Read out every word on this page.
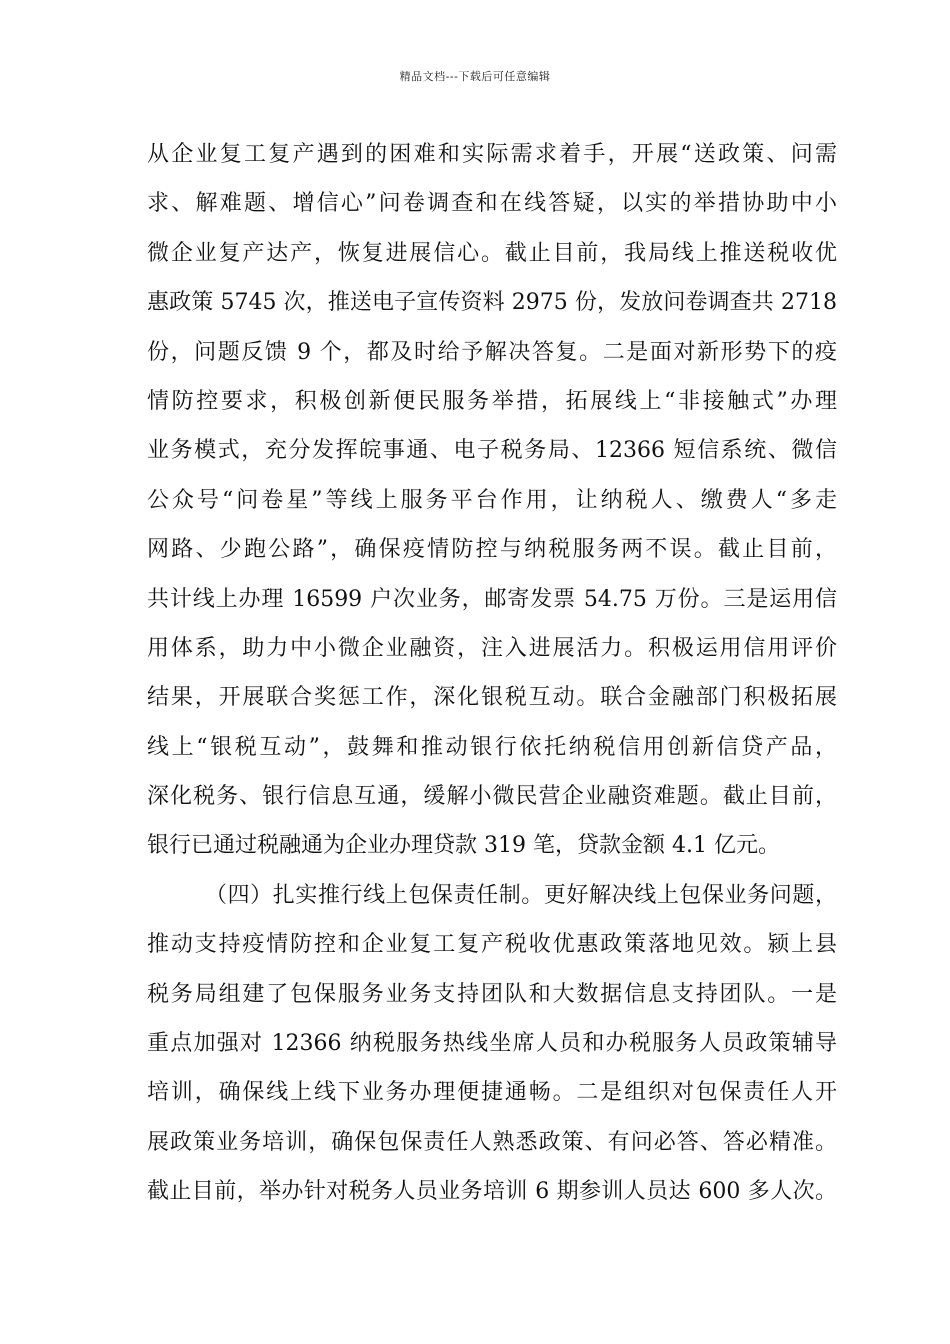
精品文档---下载后可任意编辑
从企业复工复产遇到的困难和实际需求着手，开展“送政策、问需
求、解难题、增信心”问卷调查和在线答疑，以实的举措协助中小
微企业复产达产，恢复进展信心。截止目前，我局线上推送税收优
惠政策 5745 次，推送电子宣传资料 2975 份，发放问卷调查共 2718
份，问题反馈 9 个，都及时给予解决答复。二是面对新形势下的疫
情防控要求，积极创新便民服务举措，拓展线上“非接触式”办理
业务模式，充分发挥皖事通、电子税务局、12366 短信系统、微信
公众号“问卷星”等线上服务平台作用，让纳税人、缴费人“多走
网路、少跑公路”，确保疫情防控与纳税服务两不误。截止目前，
共计线上办理 16599 户次业务，邮寄发票 54.75 万份。三是运用信
用体系，助力中小微企业融资，注入进展活力。积极运用信用评价
结果，开展联合奖惩工作，深化银税互动。联合金融部门积极拓展
线上“银税互动”，鼓舞和推动银行依托纳税信用创新信贷产品，
深化税务、银行信息互通，缓解小微民营企业融资难题。截止目前，
银行已通过税融通为企业办理贷款 319 笔，贷款金额 4.1 亿元。
（四）扎实推行线上包保责任制。更好解决线上包保业务问题，
推动支持疫情防控和企业复工复产税收优惠政策落地见效。颍上县
税务局组建了包保服务业务支持团队和大数据信息支持团队。一是
重点加强对 12366 纳税服务热线坐席人员和办税服务人员政策辅导
培训，确保线上线下业务办理便捷通畅。二是组织对包保责任人开
展政策业务培训，确保包保责任人熟悉政策、有问必答、答必精准。
截止目前，举办针对税务人员业务培训 6 期参训人员达 600 多人次。
